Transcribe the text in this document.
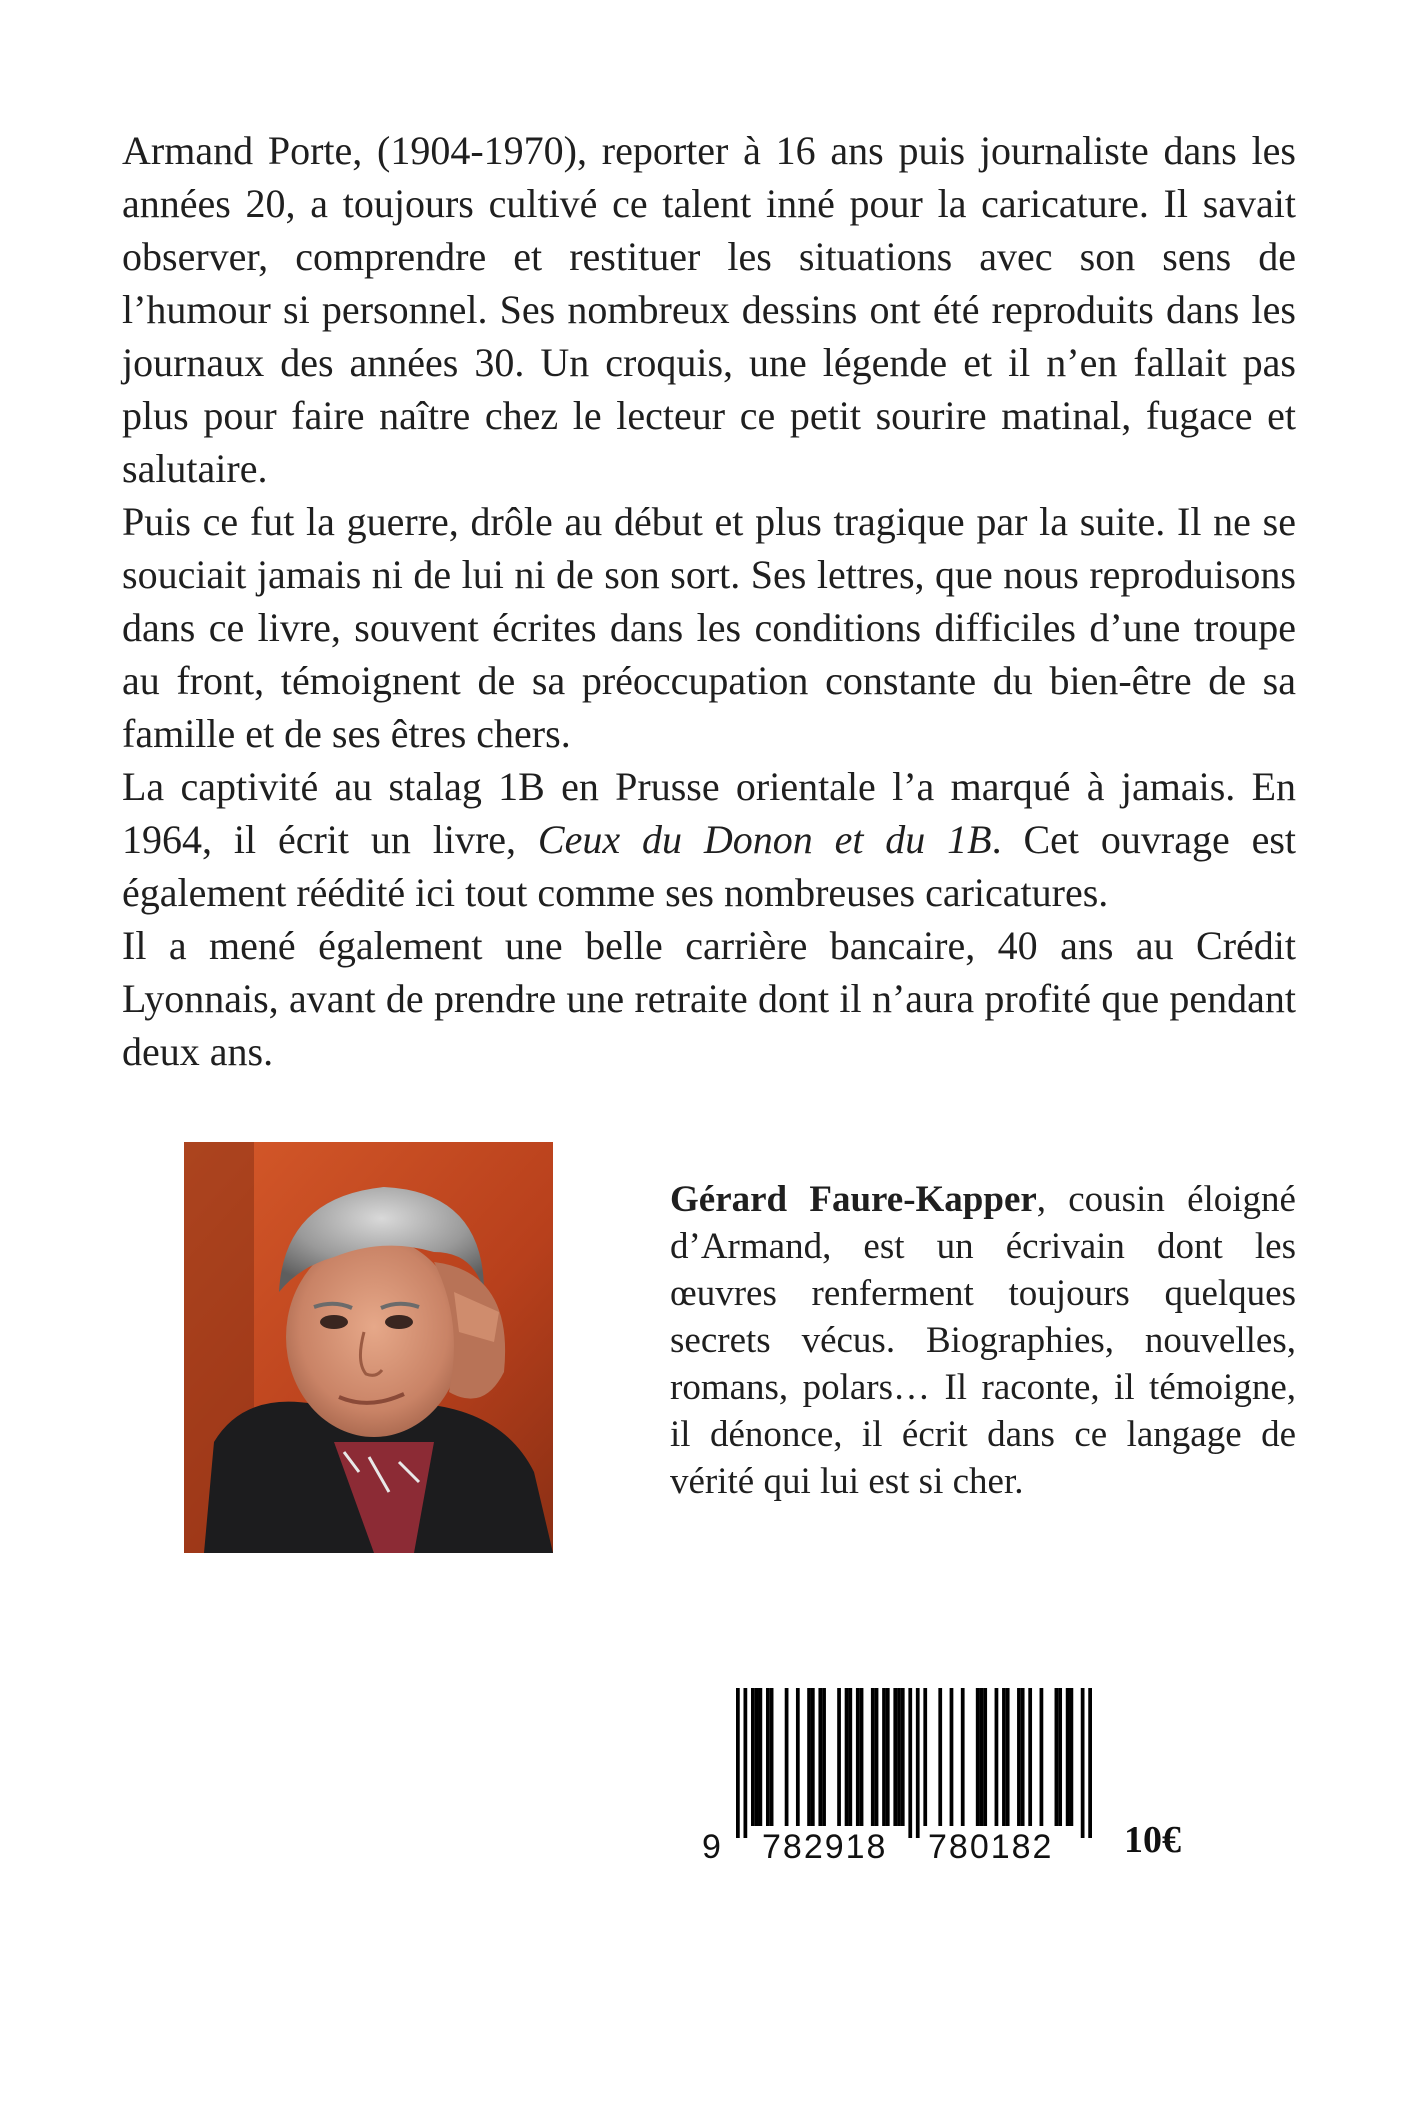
Armand Porte, (1904-1970), reporter à 16 ans puis journaliste dans les années 20, a toujours cultivé ce talent inné pour la caricature. Il savait observer, comprendre et restituer les situations avec son sens de l’humour si personnel. Ses nombreux dessins ont été reproduits dans les journaux des années 30. Un croquis, une légende et il n’en fallait pas plus pour faire naître chez le lecteur ce petit sourire matinal, fugace et salutaire.

Puis ce fut la guerre, drôle au début et plus tragique par la suite. Il ne se souciait jamais ni de lui ni de son sort. Ses lettres, que nous reproduisons dans ce livre, souvent écrites dans les conditions difficiles d’une troupe au front, témoignent de sa préoccupation constante du bien-être de sa famille et de ses êtres chers.

La captivité au stalag 1B en Prusse orientale l’a marqué à jamais. En 1964, il écrit un livre, Ceux du Donon et du 1B. Cet ouvrage est également réédité ici tout comme ses nombreuses caricatures.

Il a mené également une belle carrière bancaire, 40 ans au Crédit Lyonnais, avant de prendre une retraite dont il n’aura profité que pendant deux ans.

Gérard Faure-Kapper, cousin éloigné d’Armand, est un écrivain dont les œuvres renferment toujours quelques secrets vécus. Biographies, nouvelles, romans, polars… Il raconte, il témoigne, il dénonce, il écrit dans ce langage de vérité qui lui est si cher.

9 782918 780182 10€
